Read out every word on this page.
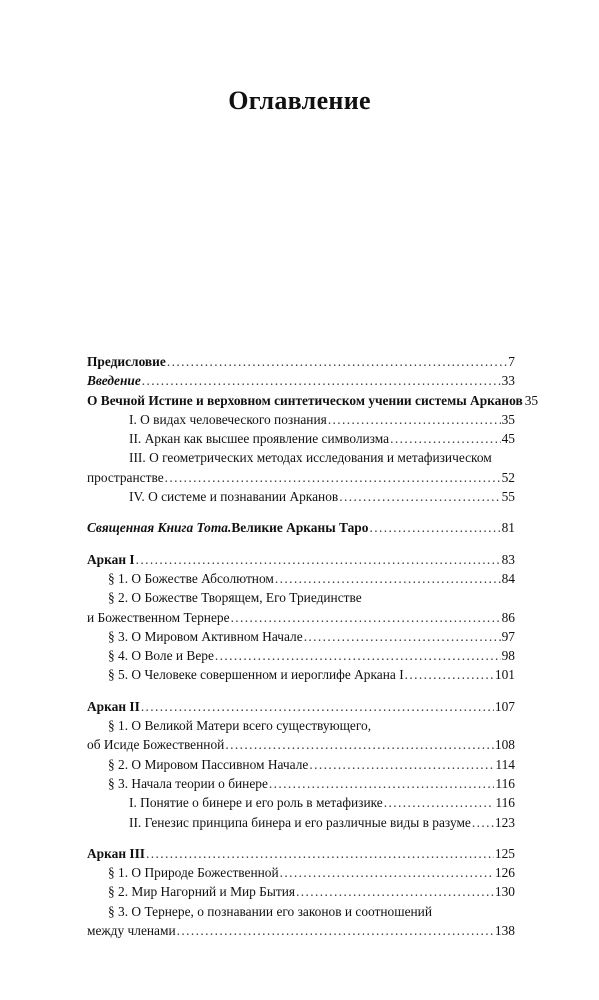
Оглавление
Предисловие .....	7
Введение .....	33
О Вечной Истине и верховном синтетическом учении системы Арканов 35
I. О видах человеческого познания .....	35
II. Аркан как высшее проявление символизма .....	45
III. О геометрических методах исследования и метафизическом
пространстве .....	52
IV. О системе и познавании Арканов .....	55
Священная Книга Тота. Великие Арканы Таро .....	81
Аркан I .....	83
§ 1. О Божестве Абсолютном .....	84
§ 2. О Божестве Творящем, Его Триединстве
и Божественном Тернере .....	86
§ 3. О Мировом Активном Начале .....	97
§ 4. О Воле и Вере .....	98
§ 5. О Человеке совершенном и иероглифе Аркана I .....	101
Аркан II .....	107
§ 1. О Великой Матери всего существующего,
об Исиде Божественной .....	108
§ 2. О Мировом Пассивном Начале .....	114
§ 3. Начала теории о бинере .....	116
I. Понятие о бинере и его роль в метафизике .....	116
II. Генезис принципа бинера и его различные виды в разуме ..... 123
Аркан III .....	125
§ 1. О Природе Божественной .....	126
§ 2. Мир Нагорний и Мир Бытия .....	130
§ 3. О Тернере, о познавании его законов и соотношений
между членами .....	138
